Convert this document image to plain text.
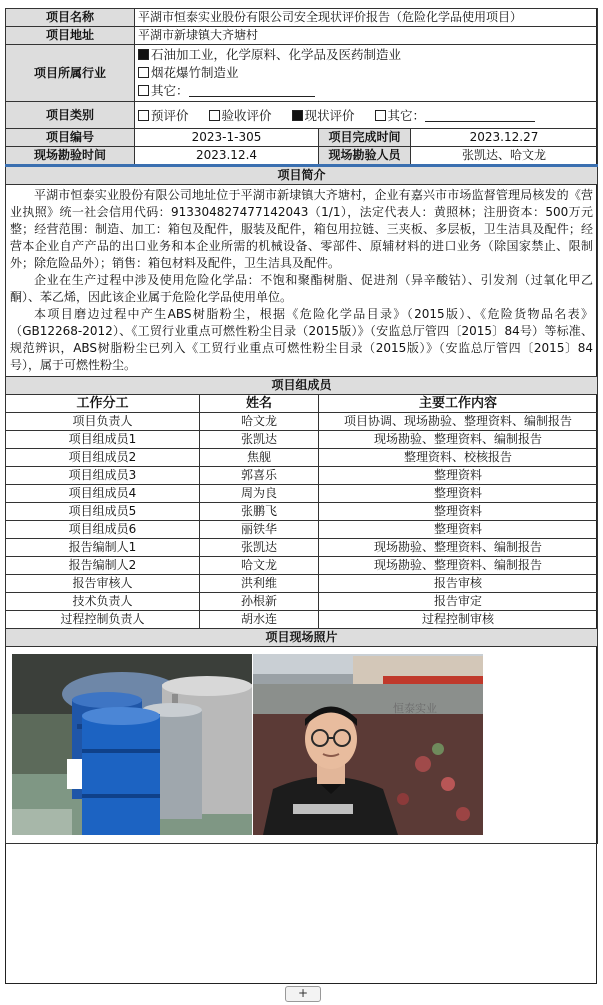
项目名称	平湖市恒泰实业股份有限公司安全现状评价报告（危险化学品使用项目）			
项目地址	平湖市新埭镇大齐塘村			
项目所属行业	石油加工业，化学原料、化学品及医药制造业
烟花爆竹制造业
其它：			

项目类别	预评价 验收评价 现状评价 其它：			
项目编号	2023-1-305		项目完成时间	2023.12.27
现场勘验时间	2023.12.4		现场勘验人员	张凯达、哈文龙
项目简介				

平湖市恒泰实业股份有限公司地址位于平湖市新埭镇大齐塘村，企业有嘉兴市市场监督管理局核发的《营业执照》统一社会信用代码：913304827477142043（1/1），法定代表人：黄照林；注册资本：500万元整；经营范围：制造、加工：箱包及配件，服装及配件，箱包用拉链、三夹板、多层板，卫生洁具及配件；经营本企业自产产品的出口业务和本企业所需的机械设备、零部件、原辅材料的进口业务（除国家禁止、限制外；除危险品外）；销售：箱包材料及配件，卫生洁具及配件。

企业在生产过程中涉及使用危险化学品：不饱和聚酯树脂、促进剂（异辛酸钴）、引发剂（过氧化甲乙酮）、苯乙烯，因此该企业属于危险化学品使用单位。

本项目磨边过程中产生ABS树脂粉尘，根据《危险化学品目录》（2015版）、《危险货物品名表》（GB12268-2012）、《工贸行业重点可燃性粉尘目录（2015版）》（安监总厅管四〔2015〕84号）等标准、规范辨识，ABS树脂粉尘已列入《工贸行业重点可燃性粉尘目录（2015版）》（安监总厅管四〔2015〕84号），属于可燃性粉尘。				

项目组成员				
工作分工		姓名	主要工作内容	
项目负责人		哈文龙	项目协调、现场勘验、整理资料、编制报告	
项目组成员1		张凯达	现场勘验、整理资料、编制报告	
项目组成员2		焦舰	整理资料、校核报告	
项目组成员3		郭喜乐	整理资料	
项目组成员4		周为良	整理资料	
项目组成员5		张鹏飞	整理资料	
项目组成员6		丽铁华	整理资料	
报告编制人1		张凯达	现场勘验、整理资料、编制报告	
报告编制人2		哈文龙	现场勘验、整理资料、编制报告	
报告审核人		洪利维	报告审核	
技术负责人		孙根新	报告审定	
过程控制负责人		胡水连	过程控制审核	
项目现场照片				

恒泰实业				
+
